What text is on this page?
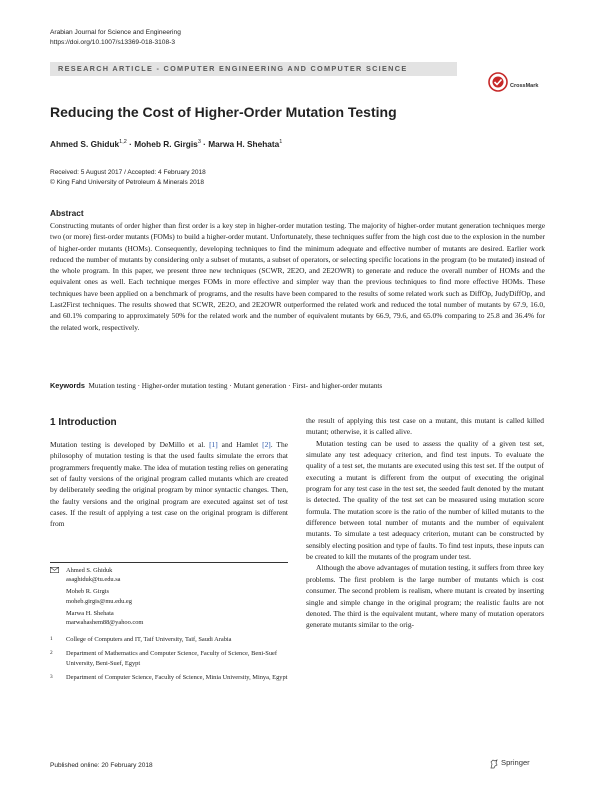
Arabian Journal for Science and Engineering
https://doi.org/10.1007/s13369-018-3108-3
RESEARCH ARTICLE - COMPUTER ENGINEERING AND COMPUTER SCIENCE
CrossMark
Reducing the Cost of Higher-Order Mutation Testing
Ahmed S. Ghiduk$^{1,2}$ · Moheb R. Girgis$^3$ · Marwa H. Shehata$^1$
Received: 5 August 2017 / Accepted: 4 February 2018
© King Fahd University of Petroleum & Minerals 2018
Abstract
Constructing mutants of order higher than first order is a key step in higher-order mutation testing. The majority of higher-order mutant generation techniques merge two (or more) first-order mutants (FOMs) to build a higher-order mutant. Unfortunately, these techniques suffer from the high cost due to the explosion in the number of higher-order mutants (HOMs). Consequently, developing techniques to find the minimum adequate and effective number of mutants are desired. Earlier work reduced the number of mutants by considering only a subset of mutants, a subset of operators, or selecting specific locations in the program (to be mutated) instead of the whole program. In this paper, we present three new techniques (SCWR, 2E2O, and 2E2OWR) to generate and reduce the overall number of HOMs and the equivalent ones as well. Each technique merges FOMs in more effective and simpler way than the previous techniques to find more effective HOMs. These techniques have been applied on a benchmark of programs, and the results have been compared to the results of some related work such as DiffOp, JudyDiffOp, and Last2First techniques. The results showed that SCWR, 2E2O, and 2E2OWR outperformed the related work and reduced the total number of mutants by 67.9, 16.0, and 60.1% comparing to approximately 50% for the related work and the number of equivalent mutants by 66.9, 79.6, and 65.0% comparing to 25.8 and 36.4% for the related work, respectively.
Keywords Mutation testing · Higher-order mutation testing · Mutant generation · First- and higher-order mutants
1 Introduction

Mutation testing is developed by DeMillo et al. [1] and Hamlet [2]. The philosophy of mutation testing is that the used faults simulate the errors that programmers frequently make. The idea of mutation testing relies on generating set of faulty versions of the original program called mutants which are created by deliberately seeding the original program by minor syntactic changes. Then, the faulty versions and the original program are executed against set of test cases. If the result of applying a test case on the original program is different from

the result of applying this test case on a mutant, this mutant is called killed mutant; otherwise, it is called alive.

Mutation testing can be used to assess the quality of a given test set, simulate any test adequacy criterion, and find test inputs. To evaluate the quality of a test set, the mutants are executed using this test set. If the output of executing a mutant is different from the output of executing the original program for any test case in the test set, the seeded fault denoted by the mutant is detected. The quality of the test set can be measured using mutation score formula. The mutation score is the ratio of the number of killed mutants to the difference between total number of mutants and the number of equivalent mutants. To simulate a test adequacy criterion, mutant can be constructed by sensibly electing position and type of faults. To find test inputs, these inputs can be created to kill the mutants of the program under test.

Although the above advantages of mutation testing, it suffers from three key problems. The first problem is the large number of mutants which is cost consumer. The second problem is realism, where mutant is created by inserting single and simple change in the original program; the realistic faults are not denoted. The third is the equivalent mutant, where many of mutation operators generate mutants similar to the orig-

Ahmed S. Ghiduk
asaghiduk@tu.edu.sa
Moheb R. Girgis
moheb.girgis@mu.edu.eg
Marwa H. Shehata
marwahashem88@yahoo.com
1 College of Computers and IT, Taif University, Taif, Saudi Arabia
2 Department of Mathematics and Computer Science, Faculty of Science, Beni-Suef University, Beni-Suef, Egypt
3 Department of Computer Science, Faculty of Science, Minia University, Minya, Egypt
Published online: 20 February 2018	Springer
